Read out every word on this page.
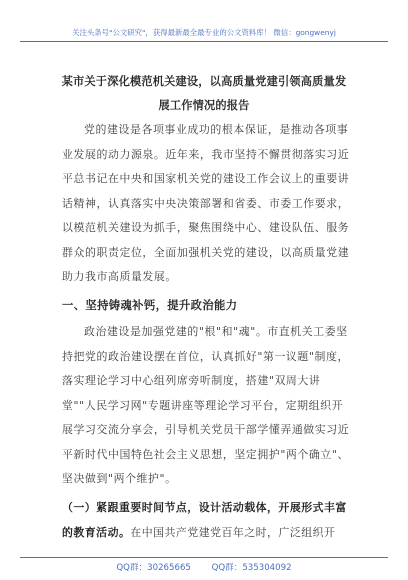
关注头条号"公文研究"，获得最新最全最专业的公文资料库！ 微信：gongwenyj
某市关于深化模范机关建设，以高质量党建引领高质量发
展工作情况的报告
党的建设是各项事业成功的根本保证，是推动各项事业发展的动力源泉。近年来，我市坚持不懈贯彻落实习近平总书记在中央和国家机关党的建设工作会议上的重要讲话精神，认真落实中央决策部署和省委、市委工作要求，以模范机关建设为抓手，聚焦围绕中心、建设队伍、服务群众的职责定位，全面加强机关党的建设，以高质量党建助力我市高质量发展。
一、坚持铸魂补钙，提升政治能力
政治建设是加强党建的"根"和"魂"。市直机关工委坚持把党的政治建设摆在首位，认真抓好"第一议题"制度，落实理论学习中心组列席旁听制度，搭建"双周大讲堂""人民学习网"专题讲座等理论学习平台，定期组织开展学习交流分享会，引导机关党员干部学懂弄通做实习近平新时代中国特色社会主义思想，坚定拥护"两个确立"、坚决做到"两个维护"。
（一）紧跟重要时间节点，设计活动载体，开展形式丰富的教育活动。在中国共产党建党百年之时，广泛组织开
QQ群：30265665 QQ群：535304092
